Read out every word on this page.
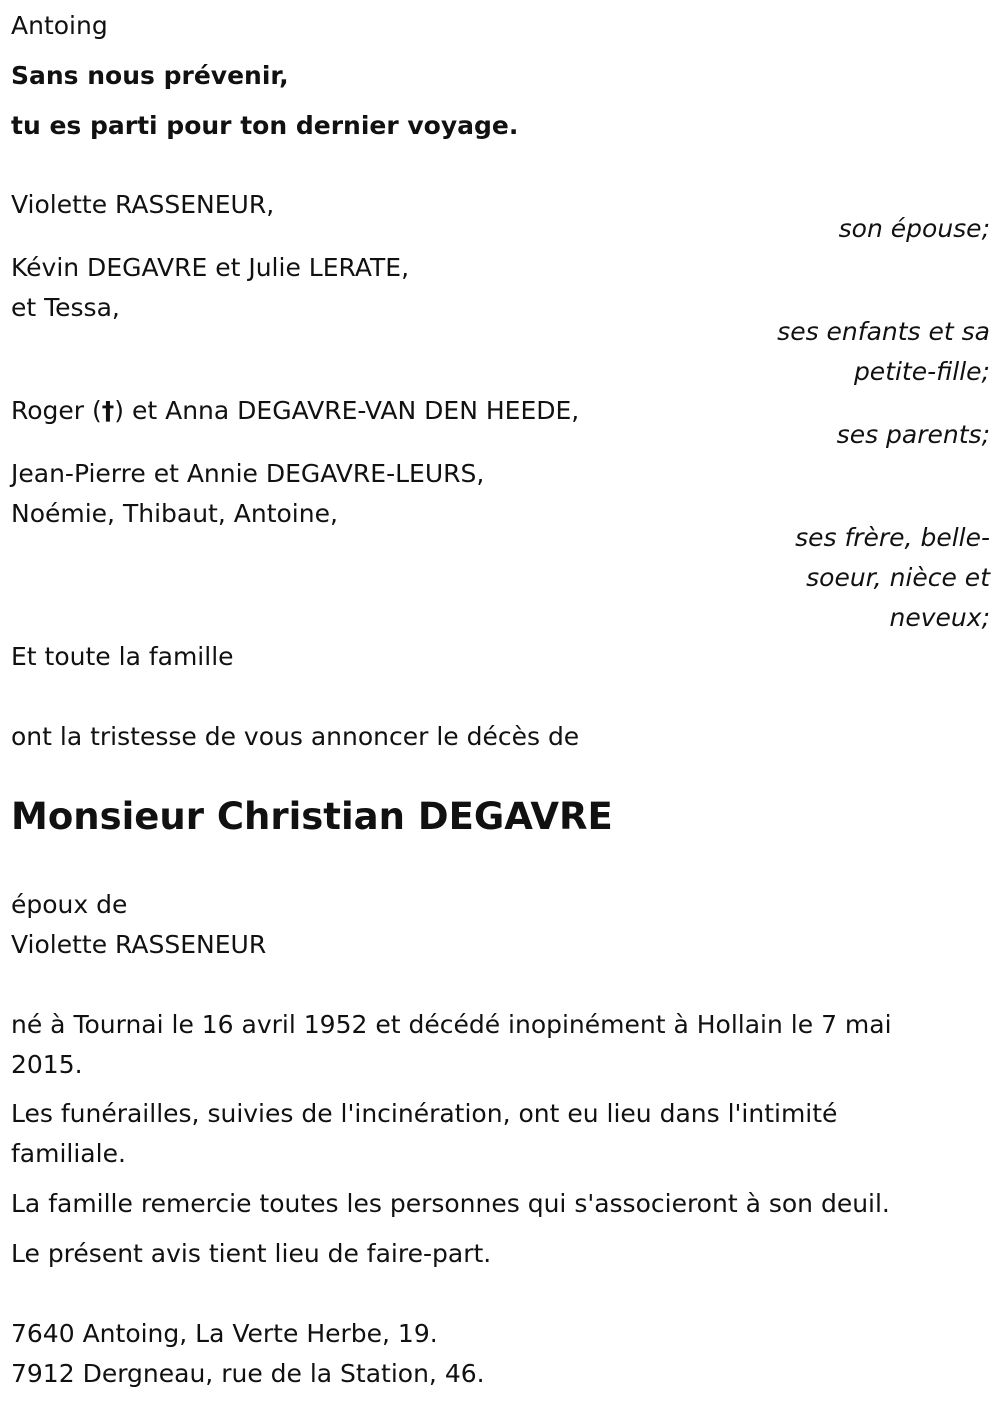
Antoing

Sans nous prévenir,

tu es parti pour ton dernier voyage.

Violette RASSENEUR,

son épouse;

Kévin DEGAVRE et Julie LERATE,

et Tessa,

ses enfants et sa

petite-fille;

Roger (†) et Anna DEGAVRE-VAN DEN HEEDE,

ses parents;

Jean-Pierre et Annie DEGAVRE-LEURS,

Noémie, Thibaut, Antoine,

ses frère, belle-

soeur, nièce et

neveux;

Et toute la famille

ont la tristesse de vous annoncer le décès de

Monsieur Christian DEGAVRE

époux de

Violette RASSENEUR

né à Tournai le 16 avril 1952 et décédé inopinément à Hollain le 7 mai

2015.

Les funérailles, suivies de l'incinération, ont eu lieu dans l'intimité

familiale.

La famille remercie toutes les personnes qui s'associeront à son deuil.

Le présent avis tient lieu de faire-part.

7640 Antoing, La Verte Herbe, 19.

7912 Dergneau, rue de la Station, 46.
